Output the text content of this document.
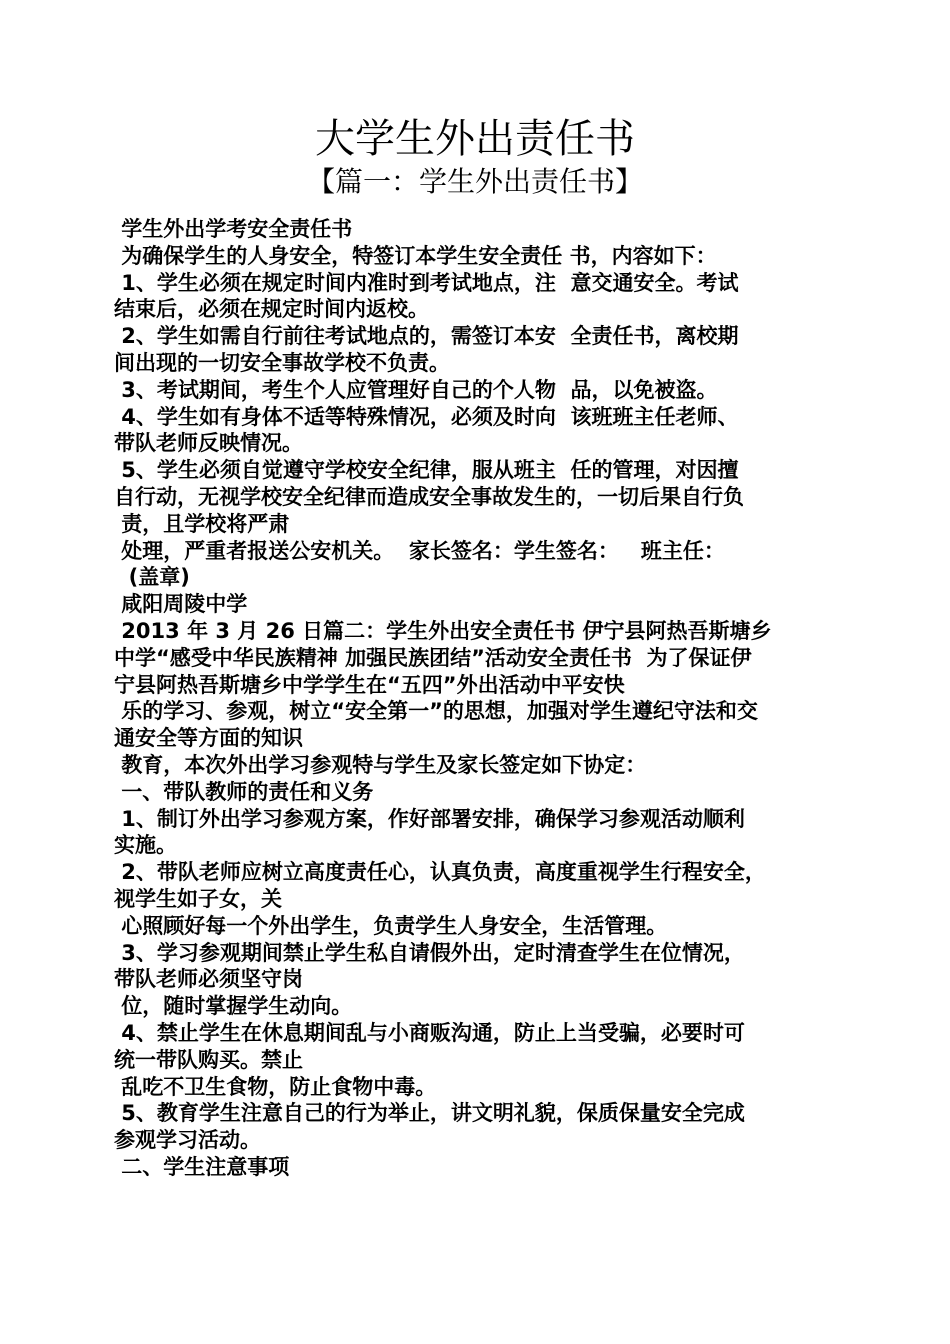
大学生外出责任书
【篇一：学生外出责任书】
学生外出学考安全责任书
为确保学生的人身安全，特签订本学生安全责任 书，内容如下：
1、学生必须在规定时间内准时到考试地点，注  意交通安全。考试
结束后，必须在规定时间内返校。
2、学生如需自行前往考试地点的，需签订本安  全责任书，离校期
间出现的一切安全事故学校不负责。
3、考试期间，考生个人应管理好自己的个人物  品，以免被盗。
4、学生如有身体不适等特殊情况，必须及时向  该班班主任老师、
带队老师反映情况。
5、学生必须自觉遵守学校安全纪律，服从班主  任的管理，对因擅
自行动，无视学校安全纪律而造成安全事故发生的，一切后果自行负
责，且学校将严肃
处理，严重者报送公安机关。  家长签名：学生签名：   班主任：
(盖章)
咸阳周陵中学
2013 年 3 月 26 日篇二：学生外出安全责任书 伊宁县阿热吾斯塘乡
中学“感受中华民族精神 加强民族团结”活动安全责任书  为了保证伊
宁县阿热吾斯塘乡中学学生在“五四”外出活动中平安快
乐的学习、参观，树立“安全第一”的思想，加强对学生遵纪守法和交
通安全等方面的知识
教育，本次外出学习参观特与学生及家长签定如下协定：
一、带队教师的责任和义务
1、制订外出学习参观方案，作好部署安排，确保学习参观活动顺利
实施。
2、带队老师应树立高度责任心，认真负责，高度重视学生行程安全，
视学生如子女，关
心照顾好每一个外出学生，负责学生人身安全，生活管理。
3、学习参观期间禁止学生私自请假外出，定时清查学生在位情况，
带队老师必须坚守岗
位，随时掌握学生动向。
4、禁止学生在休息期间乱与小商贩沟通，防止上当受骗，必要时可
统一带队购买。禁止
乱吃不卫生食物，防止食物中毒。
5、教育学生注意自己的行为举止，讲文明礼貌，保质保量安全完成
参观学习活动。
二、学生注意事项
